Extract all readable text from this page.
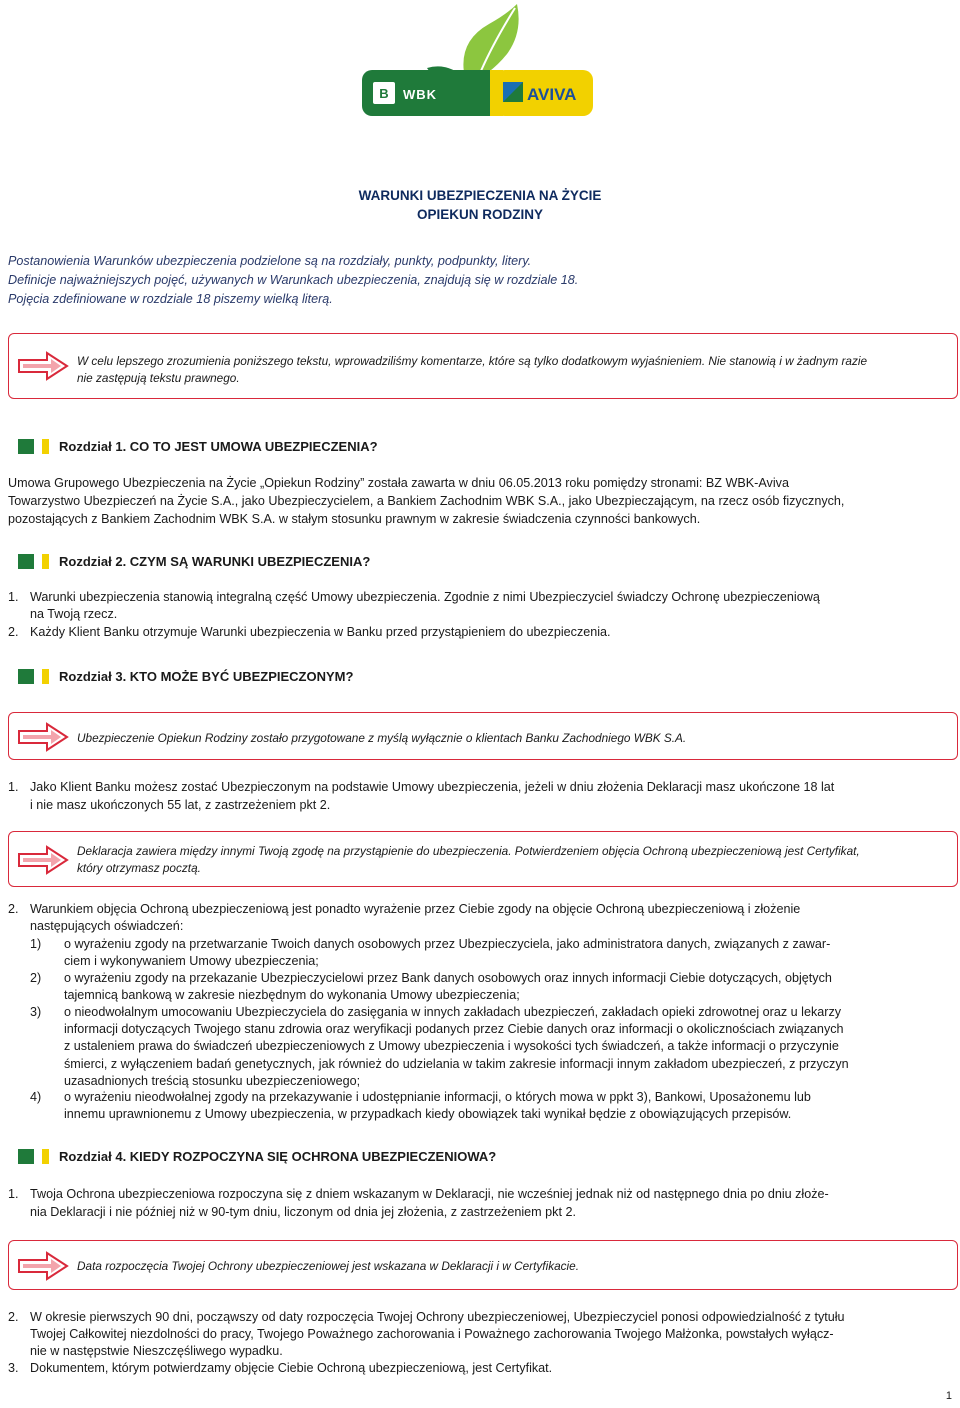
B WBK	AVIVA
WARUNKI UBEZPIECZENIA NA ŻYCIE
OPIEKUN RODZINY
Postanowienia Warunków ubezpieczenia podzielone są na rozdziały, punkty, podpunkty, litery.
Definicje najważniejszych pojęć, używanych w Warunkach ubezpieczenia, znajdują się w rozdziale 18.
Pojęcia zdefiniowane w rozdziale 18 piszemy wielką literą.
W celu lepszego zrozumienia poniższego tekstu, wprowadziliśmy komentarze, które są tylko dodatkowym wyjaśnieniem. Nie stanowią i w żadnym razie
nie zastępują tekstu prawnego.
Rozdział 1. CO TO JEST UMOWA UBEZPIECZENIA?
Umowa Grupowego Ubezpieczenia na Życie „Opiekun Rodziny” została zawarta w dniu 06.05.2013 roku pomiędzy stronami: BZ WBK-Aviva
Towarzystwo Ubezpieczeń na Życie S.A., jako Ubezpieczycielem, a Bankiem Zachodnim WBK S.A., jako Ubezpieczającym, na rzecz osób fizycznych,
pozostających z Bankiem Zachodnim WBK S.A. w stałym stosunku prawnym w zakresie świadczenia czynności bankowych.
Rozdział 2. CZYM SĄ WARUNKI UBEZPIECZENIA?
1. Warunki ubezpieczenia stanowią integralną część Umowy ubezpieczenia. Zgodnie z nimi Ubezpieczyciel świadczy Ochronę ubezpieczeniową
na Twoją rzecz.
2. Każdy Klient Banku otrzymuje Warunki ubezpieczenia w Banku przed przystąpieniem do ubezpieczenia.
Rozdział 3. KTO MOŻE BYĆ UBEZPIECZONYM?
Ubezpieczenie Opiekun Rodziny zostało przygotowane z myślą wyłącznie o klientach Banku Zachodniego WBK S.A.
1. Jako Klient Banku możesz zostać Ubezpieczonym na podstawie Umowy ubezpieczenia, jeżeli w dniu złożenia Deklaracji masz ukończone 18 lat
i nie masz ukończonych 55 lat, z zastrzeżeniem pkt 2.
Deklaracja zawiera między innymi Twoją zgodę na przystąpienie do ubezpieczenia. Potwierdzeniem objęcia Ochroną ubezpieczeniową jest Certyfikat,
który otrzymasz pocztą.
2. Warunkiem objęcia Ochroną ubezpieczeniową jest ponadto wyrażenie przez Ciebie zgody na objęcie Ochroną ubezpieczeniową i złożenie
następujących oświadczeń:
1) o wyrażeniu zgody na przetwarzanie Twoich danych osobowych przez Ubezpieczyciela, jako administratora danych, związanych z zawar-
ciem i wykonywaniem Umowy ubezpieczenia;
2) o wyrażeniu zgody na przekazanie Ubezpieczycielowi przez Bank danych osobowych oraz innych informacji Ciebie dotyczących, objętych
tajemnicą bankową w zakresie niezbędnym do wykonania Umowy ubezpieczenia;
3) o nieodwołalnym umocowaniu Ubezpieczyciela do zasięgania w innych zakładach ubezpieczeń, zakładach opieki zdrowotnej oraz u lekarzy
informacji dotyczących Twojego stanu zdrowia oraz weryfikacji podanych przez Ciebie danych oraz informacji o okolicznościach związanych
z ustaleniem prawa do świadczeń ubezpieczeniowych z Umowy ubezpieczenia i wysokości tych świadczeń, a także informacji o przyczynie
śmierci, z wyłączeniem badań genetycznych, jak również do udzielania w takim zakresie informacji innym zakładom ubezpieczeń, z przyczyn
uzasadnionych treścią stosunku ubezpieczeniowego;
4) o wyrażeniu nieodwołalnej zgody na przekazywanie i udostępnianie informacji, o których mowa w ppkt 3), Bankowi, Uposażonemu lub
innemu uprawnionemu z Umowy ubezpieczenia, w przypadkach kiedy obowiązek taki wynikał będzie z obowiązujących przepisów.
Rozdział 4. KIEDY ROZPOCZYNA SIĘ OCHRONA UBEZPIECZENIOWA?
1. Twoja Ochrona ubezpieczeniowa rozpoczyna się z dniem wskazanym w Deklaracji, nie wcześniej jednak niż od następnego dnia po dniu złoże-
nia Deklaracji i nie później niż w 90-tym dniu, liczonym od dnia jej złożenia, z zastrzeżeniem pkt 2.
Data rozpoczęcia Twojej Ochrony ubezpieczeniowej jest wskazana w Deklaracji i w Certyfikacie.
2. W okresie pierwszych 90 dni, począwszy od daty rozpoczęcia Twojej Ochrony ubezpieczeniowej, Ubezpieczyciel ponosi odpowiedzialność z tytułu
Twojej Całkowitej niezdolności do pracy, Twojego Poważnego zachorowania i Poważnego zachorowania Twojego Małżonka, powstałych wyłącz-
nie w następstwie Nieszczęśliwego wypadku.
3. Dokumentem, którym potwierdzamy objęcie Ciebie Ochroną ubezpieczeniową, jest Certyfikat.
1
